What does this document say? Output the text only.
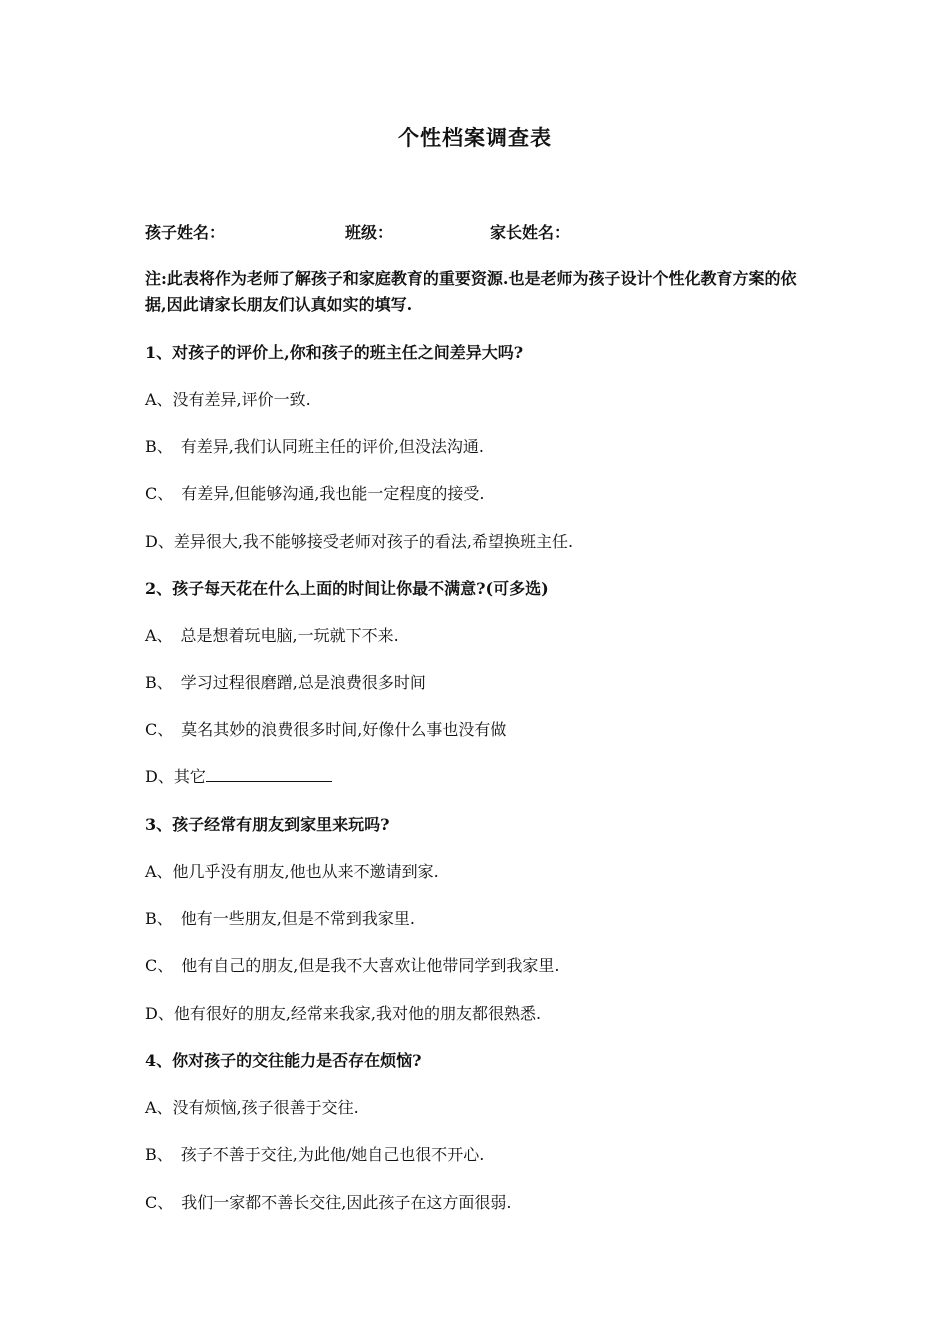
个性档案调查表
孩子姓名：	班级：	家长姓名：
注:此表将作为老师了解孩子和家庭教育的重要资源.也是老师为孩子设计个性化教育方案的依据,因此请家长朋友们认真如实的填写.
1、对孩子的评价上,你和孩子的班主任之间差异大吗?
A、没有差异,评价一致.
B、　有差异,我们认同班主任的评价,但没法沟通.
C、　有差异,但能够沟通,我也能一定程度的接受.
D、差异很大,我不能够接受老师对孩子的看法,希望换班主任.
2、孩子每天花在什么上面的时间让你最不满意?(可多选)
A、　总是想着玩电脑,一玩就下不来.
B、　学习过程很磨蹭,总是浪费很多时间
C、　莫名其妙的浪费很多时间,好像什么事也没有做
D、其它
3、孩子经常有朋友到家里来玩吗?
A、他几乎没有朋友,他也从来不邀请到家.
B、　他有一些朋友,但是不常到我家里.
C、　他有自己的朋友,但是我不大喜欢让他带同学到我家里.
D、他有很好的朋友,经常来我家,我对他的朋友都很熟悉.
4、你对孩子的交往能力是否存在烦恼?
A、没有烦恼,孩子很善于交往.
B、　孩子不善于交往,为此他/她自己也很不开心.
C、　我们一家都不善长交往,因此孩子在这方面很弱.
